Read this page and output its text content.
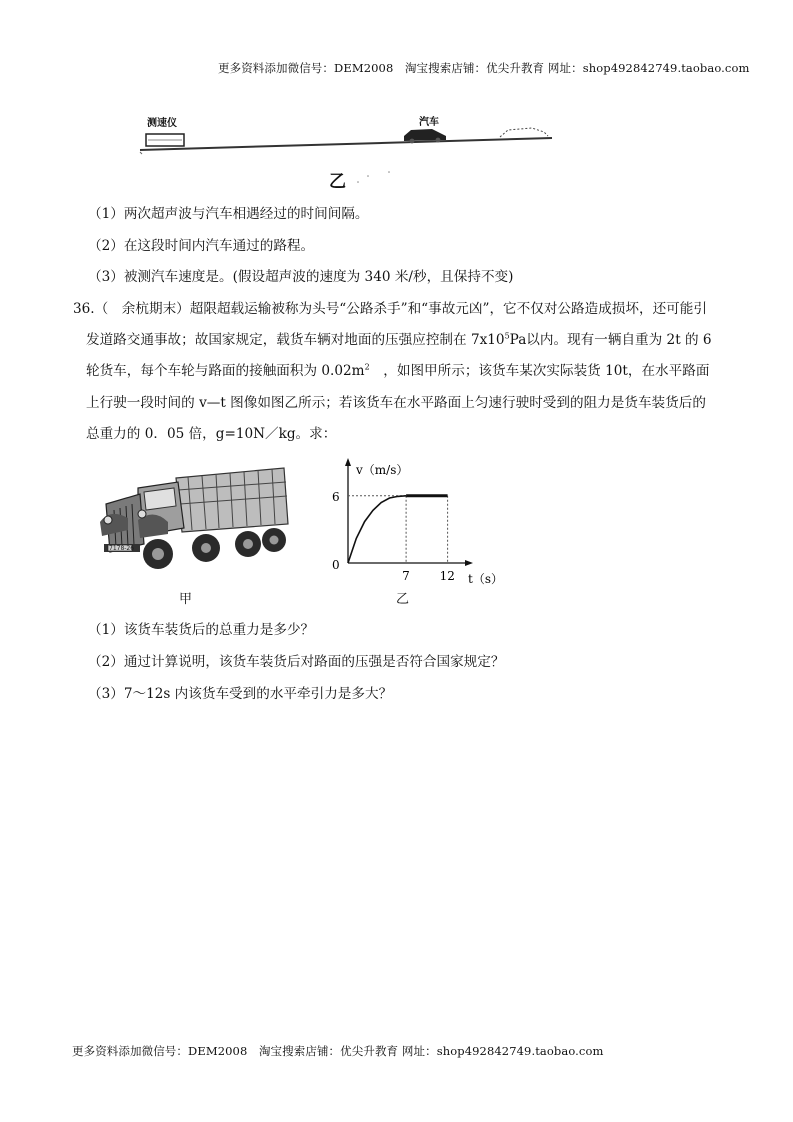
更多资料添加微信号：DEM2008　淘宝搜索店铺：优尖升教育 网址：shop492842749.taobao.com
测速仪	汽车
乙
（1）两次超声波与汽车相遇经过的时间间隔。
（2）在这段时间内汽车通过的路程。
（3）被测汽车速度是。(假设超声波的速度为 340 米/秒，且保持不变)
36.（　余杭期末）超限超载运输被称为头号“公路杀手”和“事故元凶”，它不仅对公路造成损坏，还可能引
发道路交通事故；故国家规定，载货车辆对地面的压强应控制在 $7x10^5Pa$以内。现有一辆自重为 2t 的 6
轮货车，每个车轮与路面的接触面积为 $0.02m^2$　，如图甲所示；该货车某次实际装货 10t，在水平路面
上行驶一段时间的 v—t 图像如图乙所示；若该货车在水平路面上匀速行驶时受到的阻力是货车装货后的
总重力的 0．05 倍，g=10N／kg。求：
7178-26
甲
6
7 12
v（m/s）
t（s）
0
乙
（1）该货车装货后的总重力是多少？
（2）通过计算说明，该货车装货后对路面的压强是否符合国家规定？
（3）7～12s 内该货车受到的水平牵引力是多大？
更多资料添加微信号：DEM2008　淘宝搜索店铺：优尖升教育 网址：shop492842749.taobao.com
